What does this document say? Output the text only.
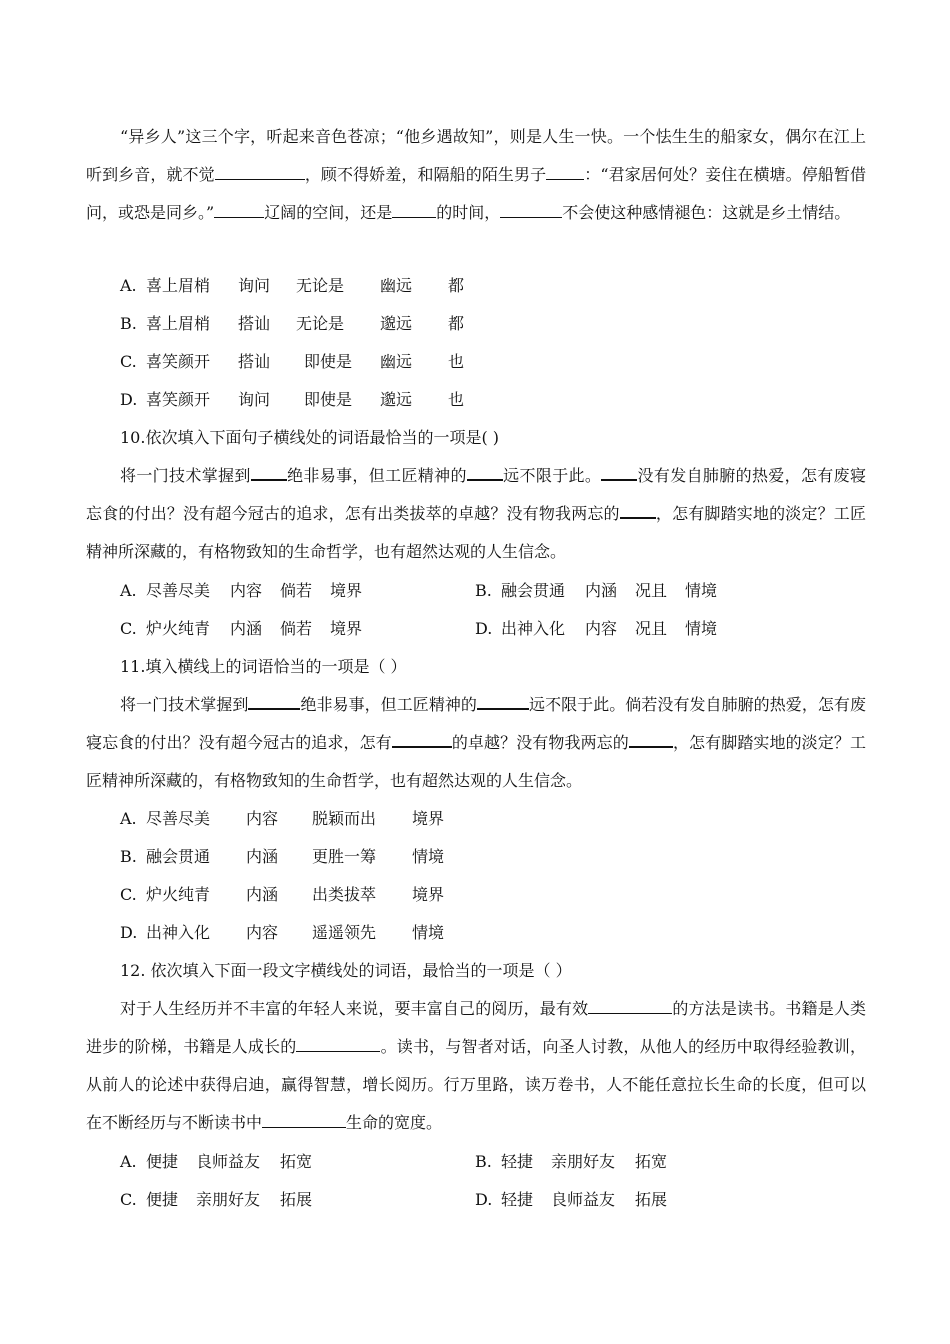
“异乡人”这三个字，听起来音色苍凉；“他乡遇故知”，则是人生一快。一个怯生生的船家女，偶尔在江上听到乡音，就不觉	，顾不得娇羞，和隔船的陌生男子 ：“君家居何处？妾住在横塘。停船暂借问，或恐是同乡。”	辽阔的空间，还是	的时间，	不会使这种感情褪色：这就是乡土情结。

A. 喜上眉梢 询问 无论是 幽远 都
B. 喜上眉梢 搭讪 无论是 邈远 都
C. 喜笑颜开 搭讪 即使是 幽远 也
D. 喜笑颜开 询问 即使是 邈远 也
10.依次填入下面句子横线处的词语最恰当的一项是( )

将一门技术掌握到 绝非易事，但工匠精神的 远不限于此。 没有发自肺腑的热爱，怎有废寝忘食的付出？没有超今冠古的追求，怎有出类拔萃的卓越？没有物我两忘的 ，怎有脚踏实地的淡定？工匠精神所深藏的，有格物致知的生命哲学，也有超然达观的人生信念。

A. 尽善尽美 内容 倘若 境界	B. 融会贯通 内涵 况且 情境
C. 炉火纯青 内涵 倘若 境界	D. 出神入化 内容 况且 情境
11.填入横线上的词语恰当的一项是（ ）

将一门技术掌握到	绝非易事，但工匠精神的	远不限于此。倘若没有发自肺腑的热爱，怎有废寝忘食的付出？没有超今冠古的追求，怎有	的卓越？没有物我两忘的	，怎有脚踏实地的淡定？工匠精神所深藏的，有格物致知的生命哲学，也有超然达观的人生信念。

A. 尽善尽美 内容 脱颖而出 境界
B. 融会贯通 内涵 更胜一筹 情境
C. 炉火纯青 内涵 出类拔萃 境界
D. 出神入化 内容 遥遥领先 情境
12. 依次填入下面一段文字横线处的词语，最恰当的一项是（ ）

对于人生经历并不丰富的年轻人来说，要丰富自己的阅历，最有效	的方法是读书。书籍是人类进步的阶梯，书籍是人成长的	。读书，与智者对话，向圣人讨教，从他人的经历中取得经验教训，从前人的论述中获得启迪，赢得智慧，增长阅历。行万里路，读万卷书，人不能任意拉长生命的长度，但可以在不断经历与不断读书中	生命的宽度。

A. 便捷 良师益友 拓宽	B. 轻捷 亲朋好友 拓宽
C. 便捷 亲朋好友 拓展	D. 轻捷 良师益友 拓展
